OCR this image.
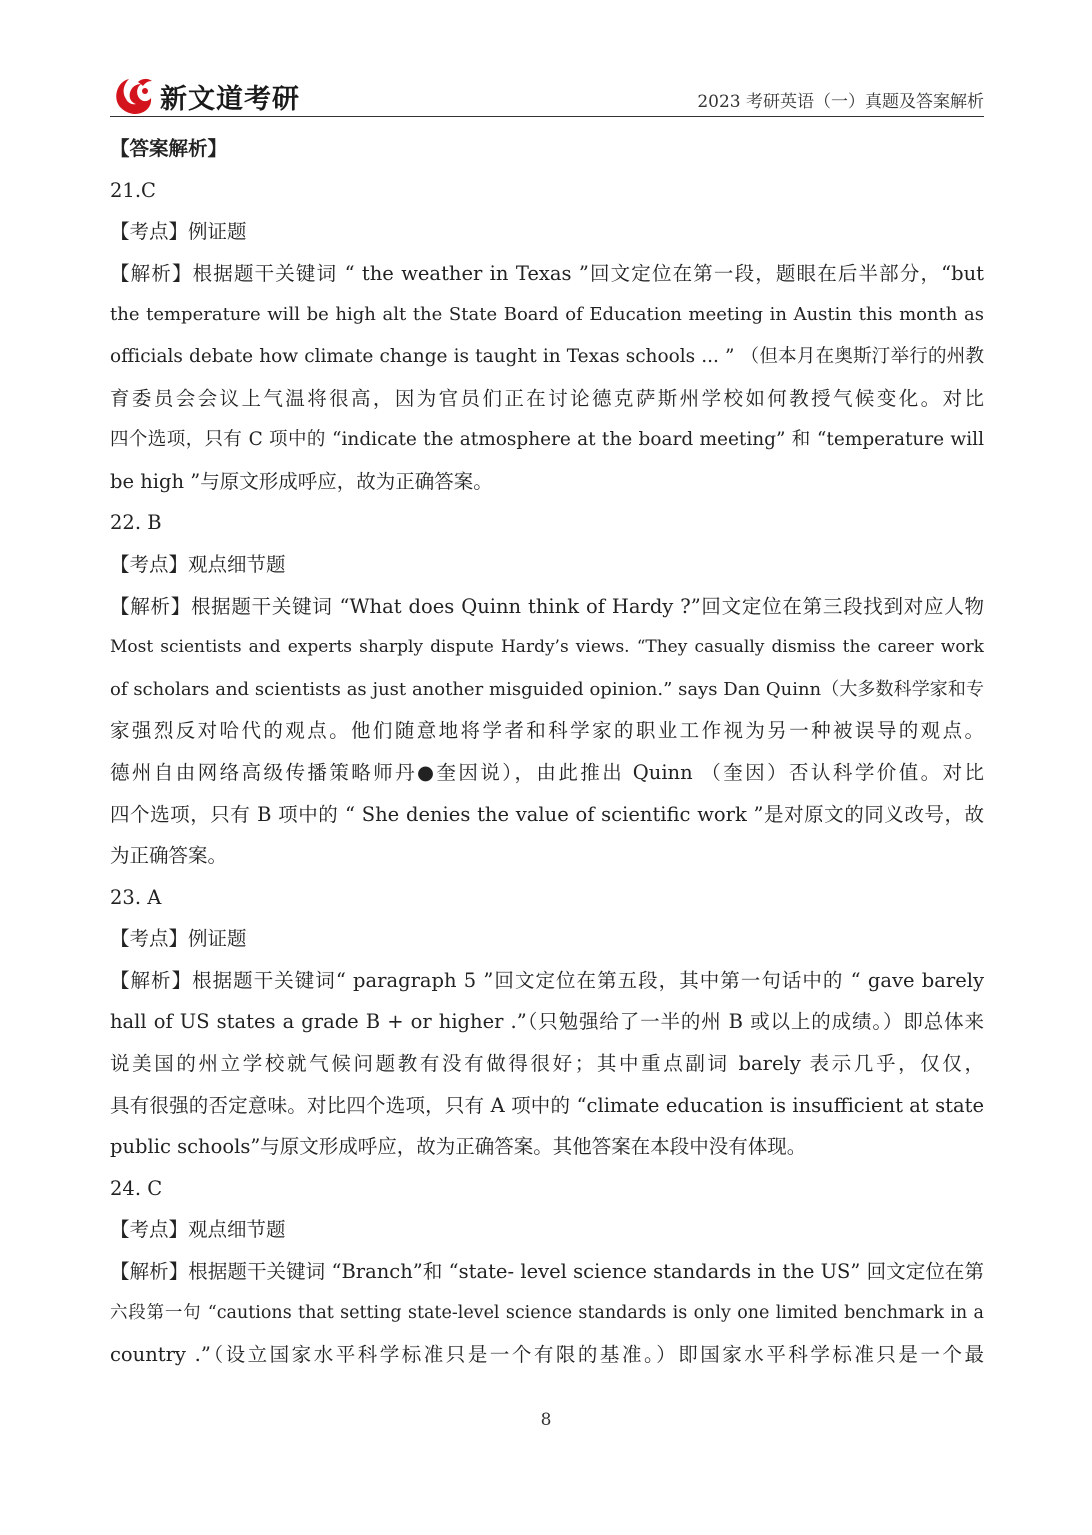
新文道考研	2023 考研英语（一）真题及答案解析
【答案解析】
21.C
【考点】例证题
【解析】根据题干关键词 “ the weather in Texas ”回文定位在第一段，题眼在后半部分，“but
the temperature will be high alt the State Board of Education meeting in Austin this month as
officials debate how climate change is taught in Texas schools ... ” （但本月在奥斯汀举行的州教
育委员会会议上气温将很高，因为官员们正在讨论德克萨斯州学校如何教授气候变化。对比
四个选项，只有 C 项中的 “indicate the atmosphere at the board meeting” 和 “temperature will
be high ”与原文形成呼应，故为正确答案。
22. B
【考点】观点细节题
【解析】根据题干关键词 “What does Quinn think of Hardy ?”回文定位在第三段找到对应人物
Most scientists and experts sharply dispute Hardy’s views. “They casually dismiss the career work
of scholars and scientists as just another misguided opinion.” says Dan Quinn（大多数科学家和专
家强烈反对哈代的观点。他们随意地将学者和科学家的职业工作视为另一种被误导的观点。
德州自由网络高级传播策略师丹●奎因说），由此推出 Quinn （奎因）否认科学价值。对比
四个选项，只有 B 项中的 “ She denies the value of scientific work ”是对原文的同义改号，故
为正确答案。
23. A
【考点】例证题
【解析】根据题干关键词“ paragraph 5 ”回文定位在第五段，其中第一句话中的 “ gave barely
hall of US states a grade B + or higher .”（只勉强给了一半的州 B 或以上的成绩。）即总体来
说美国的州立学校就气候问题教有没有做得很好；其中重点副词 barely 表示几乎，仅仅，
具有很强的否定意味。对比四个选项，只有 A 项中的 “climate education is insufficient at state
public schools”与原文形成呼应，故为正确答案。其他答案在本段中没有体现。
24. C
【考点】观点细节题
【解析】根据题干关键词 “Branch”和 “state- level science standards in the US” 回文定位在第
六段第一句 “cautions that setting state-level science standards is only one limited benchmark in a
country .”（设立国家水平科学标准只是一个有限的基准。）即国家水平科学标准只是一个最
8
